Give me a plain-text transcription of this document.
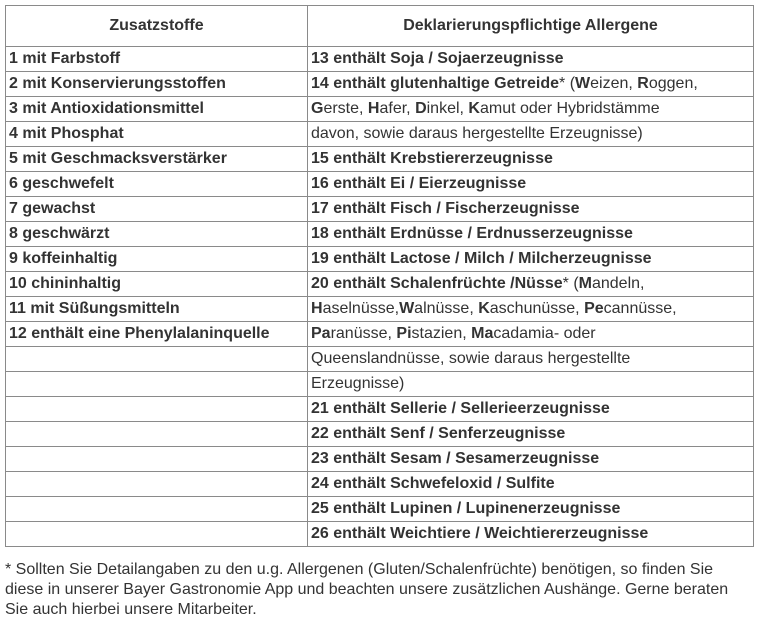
Zusatzstoffe	Deklarierungspflichtige Allergene
1 mit Farbstoff	13 enthält Soja / Sojaerzeugnisse
2 mit Konservierungsstoffen	14 enthält glutenhaltige Getreide* (Weizen, Roggen,
3 mit Antioxidationsmittel	Gerste, Hafer, Dinkel, Kamut oder Hybridstämme
4 mit Phosphat	davon, sowie daraus hergestellte Erzeugnisse)
5 mit Geschmacksverstärker	15 enthält Krebstiererzeugnisse
6 geschwefelt	16 enthält Ei / Eierzeugnisse
7 gewachst	17 enthält Fisch / Fischerzeugnisse
8 geschwärzt	18 enthält Erdnüsse / Erdnusserzeugnisse
9 koffeinhaltig	19 enthält Lactose / Milch / Milcherzeugnisse
10 chininhaltig	20 enthält Schalenfrüchte /Nüsse* (Mandeln,
11 mit Süßungsmitteln	Haselnüsse,Walnüsse, Kaschunüsse, Pecannüsse,
12 enthält eine Phenylalaninquelle	Paranüsse, Pistazien, Macadamia- oder
	Queenslandnüsse, sowie daraus hergestellte
	Erzeugnisse)
	21 enthält Sellerie / Sellerieerzeugnisse
	22 enthält Senf / Senferzeugnisse
	23 enthält Sesam / Sesamerzeugnisse
	24 enthält Schwefeloxid / Sulfite
	25 enthält Lupinen / Lupinenerzeugnisse
	26 enthält Weichtiere / Weichtiererzeugnisse
* Sollten Sie Detailangaben zu den u.g. Allergenen (Gluten/Schalenfrüchte) benötigen, so finden Sie diese in unserer Bayer Gastronomie App und beachten unsere zusätzlichen Aushänge. Gerne beraten Sie auch hierbei unsere Mitarbeiter.
